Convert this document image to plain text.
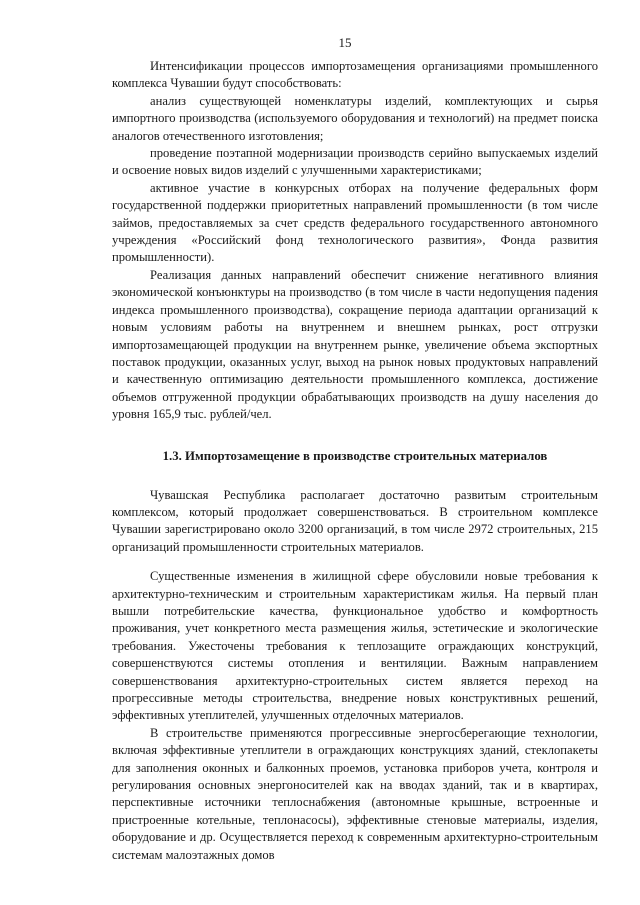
15

Интенсификации процессов импортозамещения организациями промышленного комплекса Чувашии будут способствовать:

анализ существующей номенклатуры изделий, комплектующих и сырья импортного производства (используемого оборудования и технологий) на предмет поиска аналогов отечественного изготовления;

проведение поэтапной модернизации производств серийно выпускаемых изделий и освоение новых видов изделий с улучшенными характеристиками;

активное участие в конкурсных отборах на получение федеральных форм государственной поддержки приоритетных направлений промышленности (в том числе займов, предоставляемых за счет средств федерального государственного автономного учреждения «Российский фонд технологического развития», Фонда развития промышленности).

Реализация данных направлений обеспечит снижение негативного влияния экономической конъюнктуры на производство (в том числе в части недопущения падения индекса промышленного производства), сокращение периода адаптации организаций к новым условиям работы на внутреннем и внешнем рынках, рост отгрузки импортозамещающей продукции на внутреннем рынке, увеличение объема экспортных поставок продукции, оказанных услуг, выход на рынок новых продуктовых направлений и качественную оптимизацию деятельности промышленного комплекса, достижение объемов отгруженной продукции обрабатывающих производств на душу населения до уровня 165,9 тыс. рублей/чел.

1.3. Импортозамещение в производстве строительных материалов

Чувашская Республика располагает достаточно развитым строительным комплексом, который продолжает совершенствоваться. В строительном комплексе Чувашии зарегистрировано около 3200 организаций, в том числе 2972 строительных, 215 организаций промышленности строительных материалов.

Существенные изменения в жилищной сфере обусловили новые требования к архитектурно-техническим и строительным характеристикам жилья. На первый план вышли потребительские качества, функциональное удобство и комфортность проживания, учет конкретного места размещения жилья, эстетические и экологические требования. Ужесточены требования к теплозащите ограждающих конструкций, совершенствуются системы отопления и вентиляции. Важным направлением совершенствования архитектурно-строительных систем является переход на прогрессивные методы строительства, внедрение новых конструктивных решений, эффективных утеплителей, улучшенных отделочных материалов.

В строительстве применяются прогрессивные энергосберегающие технологии, включая эффективные утеплители в ограждающих конструкциях зданий, стеклопакеты для заполнения оконных и балконных проемов, установка приборов учета, контроля и регулирования основных энергоносителей как на вводах зданий, так и в квартирах, перспективные источники теплоснабжения (автономные крышные, встроенные и пристроенные котельные, теплонасосы), эффективные стеновые материалы, изделия, оборудование и др. Осуществляется переход к современным архитектурно-строительным системам малоэтажных домов
